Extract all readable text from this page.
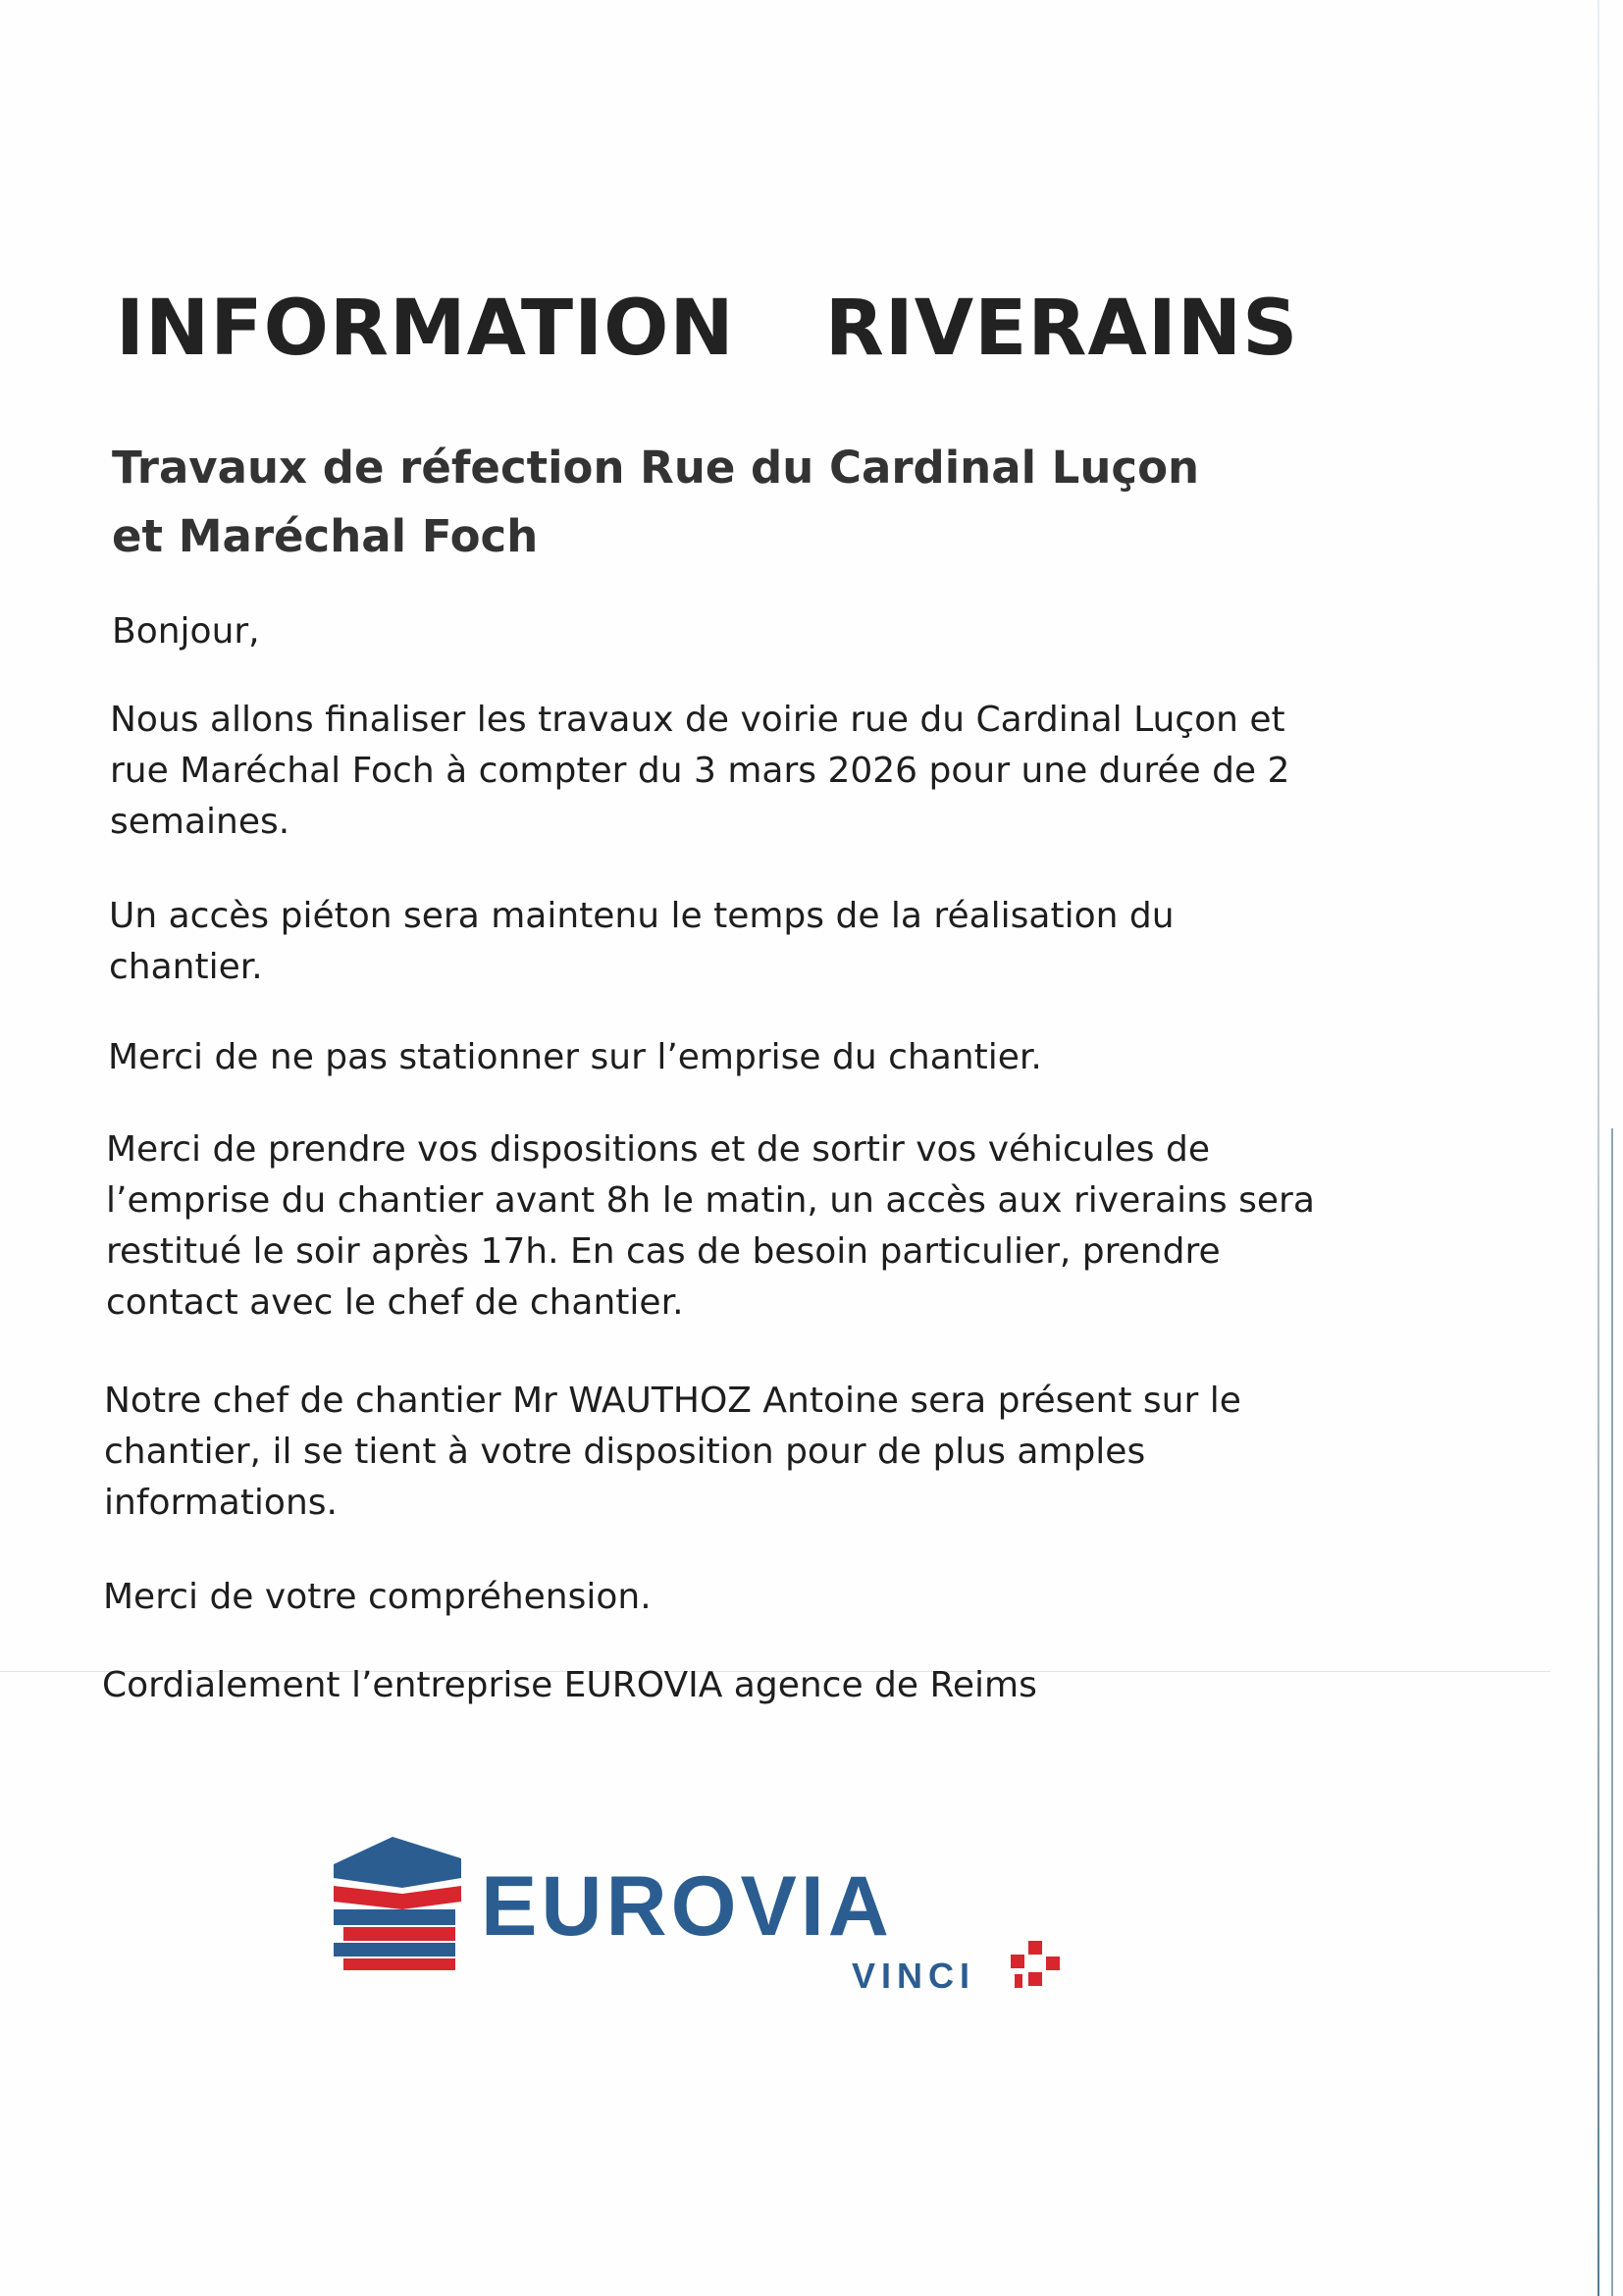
INFORMATION RIVERAINS
Travaux de réfection Rue du Cardinal Luçon et Maréchal Foch

Bonjour,

Nous allons finaliser les travaux de voirie rue du Cardinal Luçon et rue Maréchal Foch à compter du 3 mars 2026 pour une durée de 2 semaines.

Un accès piéton sera maintenu le temps de la réalisation du chantier.

Merci de ne pas stationner sur l’emprise du chantier.

Merci de prendre vos dispositions et de sortir vos véhicules de l’emprise du chantier avant 8h le matin, un accès aux riverains sera restitué le soir après 17h. En cas de besoin particulier, prendre contact avec le chef de chantier.

Notre chef de chantier Mr WAUTHOZ Antoine sera présent sur le chantier, il se tient à votre disposition pour de plus amples informations.

Merci de votre compréhension.

Cordialement l’entreprise EUROVIA agence de Reims

EUROVIA
VINCI
